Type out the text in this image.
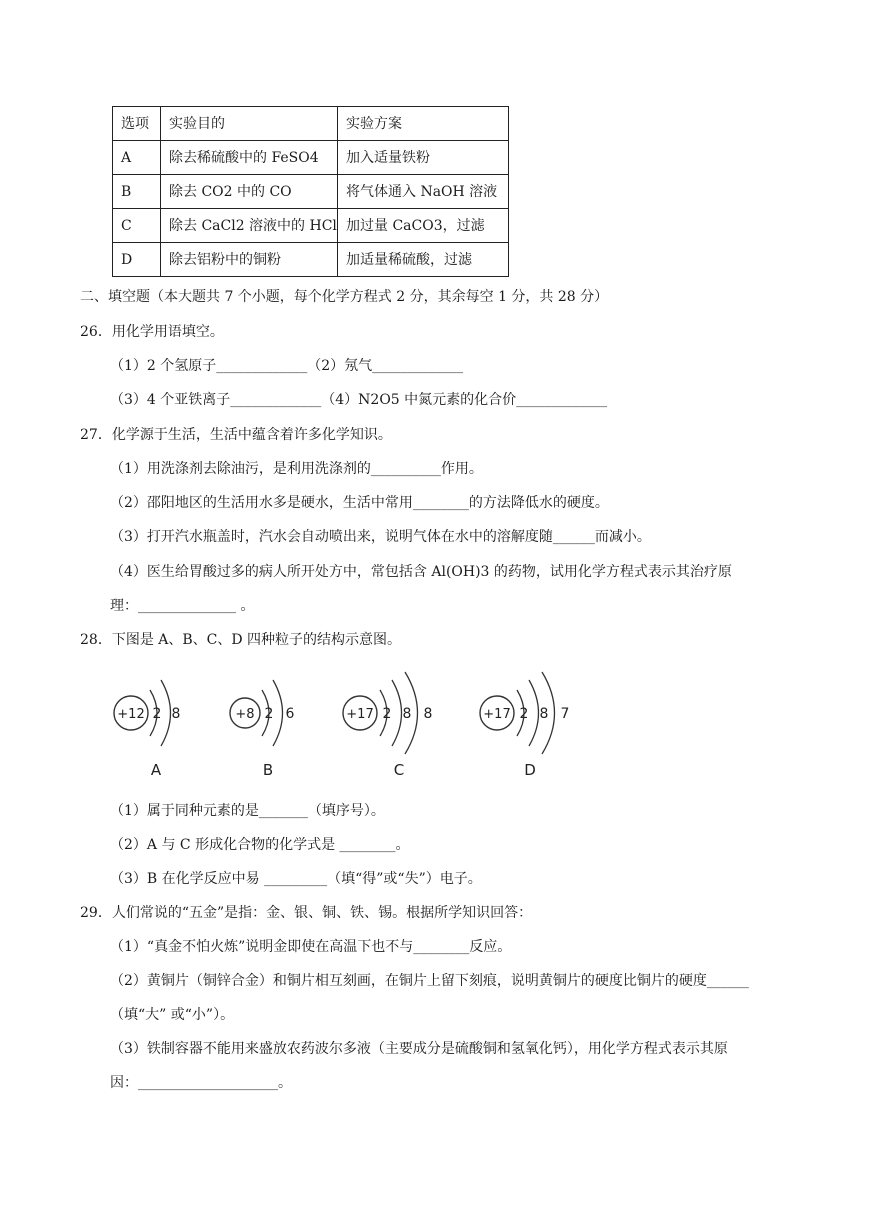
选项	实验目的	实验方案
A	除去稀硫酸中的 FeSO4	加入适量铁粉
B	除去 CO2 中的 CO	将气体通入 NaOH 溶液
C	除去 CaCl2 溶液中的 HCl	加过量 CaCO3，过滤
D	除去铝粉中的铜粉	加适量稀硫酸，过滤
二、填空题（本大题共 7 个小题，每个化学方程式 2 分，其余每空 1 分，共 28 分）
26．用化学用语填空。
（1）2 个氢原子_____________（2）氖气_____________
（3）4 个亚铁离子_____________（4）N2O5 中氮元素的化合价_____________
27．化学源于生活，生活中蕴含着许多化学知识。
（1）用洗涤剂去除油污，是利用洗涤剂的__________作用。
（2）邵阳地区的生活用水多是硬水，生活中常用________的方法降低水的硬度。
（3）打开汽水瓶盖时，汽水会自动喷出来，说明气体在水中的溶解度随______而减小。
（4）医生给胃酸过多的病人所开处方中，常包括含 Al(OH)3 的药物，试用化学方程式表示其治疗原
理：______________ 。
28．下图是 A、B、C、D 四种粒子的结构示意图。
+12 2 8
A
+8 2 6
B
+17 2 8 8
C
+17 2 8 7
D
（1）属于同种元素的是_______（填序号）。
（2）A 与 C 形成化合物的化学式是 ________。
（3）B 在化学反应中易 _________（填“得”或“失”）电子。
29．人们常说的“五金”是指：金、银、铜、铁、锡。根据所学知识回答：
（1）“真金不怕火炼”说明金即使在高温下也不与________反应。
（2）黄铜片（铜锌合金）和铜片相互刻画，在铜片上留下刻痕，说明黄铜片的硬度比铜片的硬度______
（填“大” 或“小”）。
（3）铁制容器不能用来盛放农药波尔多液（主要成分是硫酸铜和氢氧化钙），用化学方程式表示其原
因：____________________。
